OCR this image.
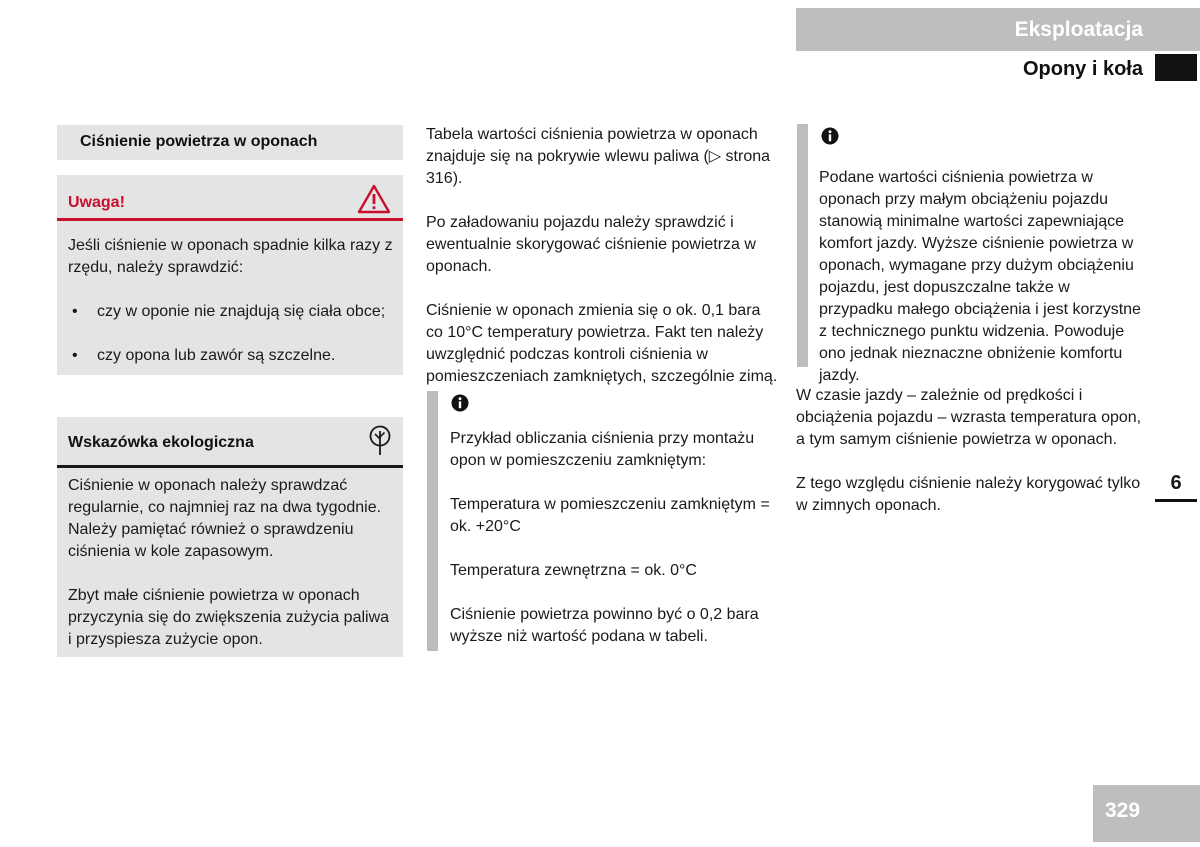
Eksploatacja
Opony i koła
Ciśnienie powietrza w oponach
Uwaga!
Jeśli ciśnienie w oponach spadnie kilka razy z rzędu, należy sprawdzić:
• czy w oponie nie znajdują się ciała obce;
• czy opona lub zawór są szczelne.
Wskazówka ekologiczna

Ciśnienie w oponach należy sprawdzać regularnie, co najmniej raz na dwa tygodnie. Należy pamiętać również o sprawdzeniu ciśnienia w kole zapasowym.

Zbyt małe ciśnienie powietrza w oponach przyczynia się do zwiększenia zużycia paliwa i przyspiesza zużycie opon.

Tabela wartości ciśnienia powietrza w oponach znajduje się na pokrywie wlewu paliwa (▷ strona 316).

Po załadowaniu pojazdu należy sprawdzić i ewentualnie skorygować ciśnienie powietrza w oponach.

Ciśnienie w oponach zmienia się o ok. 0,1 bara co 10°C temperatury powietrza. Fakt ten należy uwzględnić podczas kontroli ciśnienia w pomieszczeniach zamkniętych, szczególnie zimą.

Przykład obliczania ciśnienia przy montażu opon w pomieszczeniu zamkniętym:

Temperatura w pomieszczeniu zamkniętym = ok. +20°C

Temperatura zewnętrzna = ok. 0°C

Ciśnienie powietrza powinno być o 0,2 bara wyższe niż wartość podana w tabeli.

Podane wartości ciśnienia powietrza w oponach przy małym obciążeniu pojazdu stanowią minimalne wartości zapewniające komfort jazdy. Wyższe ciśnienie powietrza w oponach, wymagane przy dużym obciążeniu pojazdu, jest dopuszczalne także w przypadku małego obciążenia i jest korzystne z technicznego punktu widzenia. Powoduje ono jednak nieznaczne obniżenie komfortu jazdy.

W czasie jazdy – zależnie od prędkości i obciążenia pojazdu – wzrasta temperatura opon, a tym samym ciśnienie powietrza w oponach.

Z tego względu ciśnienie należy korygować tylko w zimnych oponach.

6
329
